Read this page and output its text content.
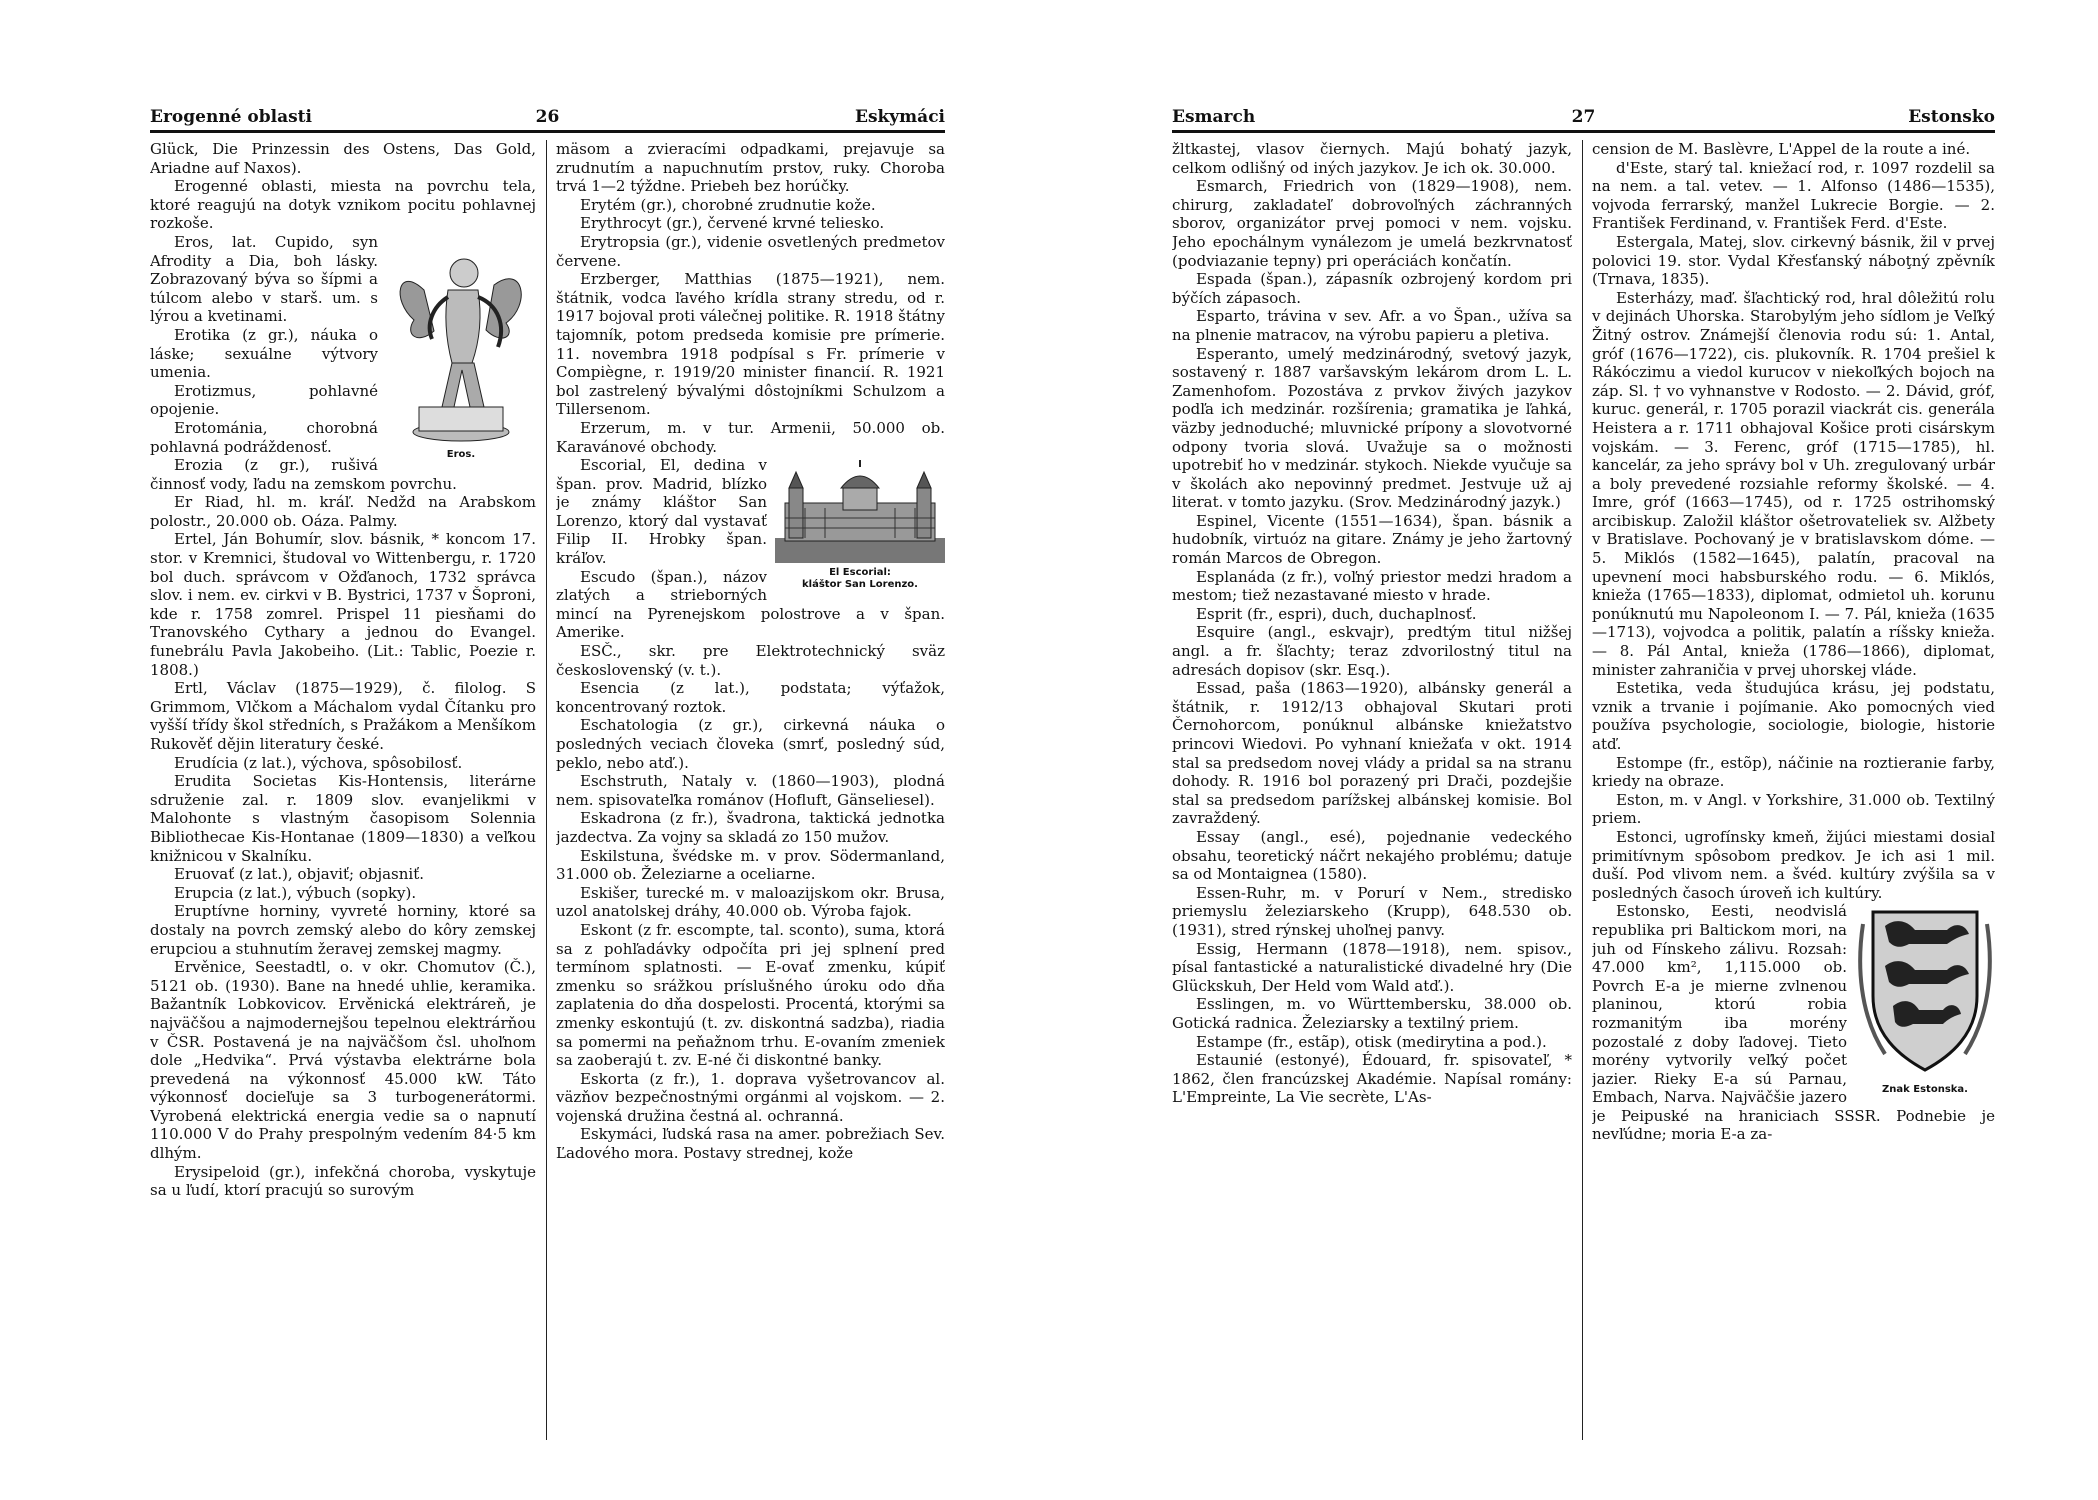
Erogenné oblasti	26	Eskymáci

Glück, Die Prinzessin des Ostens, Das Gold, Ariadne auf Naxos).

Erogenné oblasti, miesta na povrchu tela, ktoré reagujú na dotyk vznikom pocitu pohlavnej rozkoše.

Eros.

Eros, lat. Cupido, syn Afrodity a Dia, boh lásky. Zobrazovaný býva so šípmi a túlcom alebo v starš. um. s lýrou a kvetinami.

Erotika (z gr.), náuka o láske; sexuálne výtvory umenia.

Erotizmus, pohlavné opojenie.

Erotománia, chorobná pohlavná podráždenosť.

Erozia (z gr.), rušivá činnosť vody, ľadu na zemskom povrchu.

Er Riad, hl. m. kráľ. Nedžd na Arabskom polostr., 20.000 ob. Oáza. Palmy.

Ertel, Ján Bohumír, slov. básnik, * koncom 17. stor. v Kremnici, študoval vo Wittenbergu, r. 1720 bol duch. správcom v Ožďanoch, 1732 správca slov. i nem. ev. cirkvi v B. Bystrici, 1737 v Šoproni, kde r. 1758 zomrel. Prispel 11 piesňami do Tranovského Cythary a jednou do Evangel. funebrálu Pavla Jakobeiho. (Lit.: Tablic, Poezie r. 1808.)

Ertl, Václav (1875—1929), č. filolog. S Grimmom, Vlčkom a Máchalom vydal Čítanku pro vyšší třídy škol středních, s Pražákom a Menšíkom Rukověť dějin literatury české.

Erudícia (z lat.), výchova, spôsobilosť.

Erudita Societas Kis-Hontensis, literárne sdruženie zal. r. 1809 slov. evanjelikmi v Malohonte s vlastným časopisom Solennia Bibliothecae Kis-Hontanae (1809—1830) a veľkou knižnicou v Skalníku.

Eruovať (z lat.), objaviť; objasniť.

Erupcia (z lat.), výbuch (sopky).

Eruptívne horniny, vyvreté horniny, ktoré sa dostaly na povrch zemský alebo do kôry zemskej erupciou a stuhnutím žeravej zemskej magmy.

Ervěnice, Seestadtl, o. v okr. Chomutov (Č.), 5121 ob. (1930). Bane na hnedé uhlie, keramika. Bažantník Lobkovicov. Ervěnická elektráreň, je najväčšou a najmodernejšou tepelnou elektrárňou v ČSR. Postavená je na najväčšom čsl. uhoľnom dole „Hedvika“. Prvá výstavba elektrárne bola prevedená na výkonnosť 45.000 kW. Táto výkonnosť docieľuje sa 3 turbogenerátormi. Vyrobená elektrická energia vedie sa o napnutí 110.000 V do Prahy prespolným vedením 84·5 km dlhým.

Erysipeloid (gr.), infekčná choroba, vyskytuje sa u ľudí, ktorí pracujú so surovým

mäsom a zvieracími odpadkami, prejavuje sa zrudnutím a napuchnutím prstov, ruky. Choroba trvá 1—2 týždne. Priebeh bez horúčky.

Erytém (gr.), chorobné zrudnutie kože.

Erythrocyt (gr.), červené krvné teliesko.

Erytropsia (gr.), videnie osvetlených predmetov červene.

Erzberger, Matthias (1875—1921), nem. štátnik, vodca ľavého krídla strany stredu, od r. 1917 bojoval proti válečnej politike. R. 1918 štátny tajomník, potom predseda komisie pre prímerie. 11. novembra 1918 podpísal s Fr. prímerie v Compiègne, r. 1919/20 minister financií. R. 1921 bol zastrelený bývalými dôstojníkmi Schulzom a Tillersenom.

Erzerum, m. v tur. Armenii, 50.000 ob. Karavánové obchody.

El Escorial:
kláštor San Lorenzo.

Escorial, El, dedina v špan. prov. Madrid, blízko je známy kláštor San Lorenzo, ktorý dal vystavať Filip II. Hrobky špan. kráľov.

Escudo (špan.), názov zlatých a strieborných mincí na Pyrenejskom polostrove a v špan. Amerike.

ESČ., skr. pre Elektrotechnický sväz československý (v. t.).

Esencia (z lat.), podstata; výťažok, koncentrovaný roztok.

Eschatologia (z gr.), cirkevná náuka o posledných veciach človeka (smrť, posledný súd, peklo, nebo atď.).

Eschstruth, Nataly v. (1860—1903), plodná nem. spisovateľka románov (Hofluft, Gänseliesel).

Eskadrona (z fr.), švadrona, taktická jednotka jazdectva. Za vojny sa skladá zo 150 mužov.

Eskilstuna, švédske m. v prov. Södermanland, 31.000 ob. Železiarne a oceliarne.

Eskišer, turecké m. v maloazijskom okr. Brusa, uzol anatolskej dráhy, 40.000 ob. Výroba fajok.

Eskont (z fr. escompte, tal. sconto), suma, ktorá sa z pohľadávky odpočíta pri jej splnení pred termínom splatnosti. — E-ovať zmenku, kúpiť zmenku so srážkou príslušného úroku odo dňa zaplatenia do dňa dospelosti. Procentá, ktorými sa zmenky eskontujú (t. zv. diskontná sadzba), riadia sa pomermi na peňažnom trhu. E-ovaním zmeniek sa zaoberajú t. zv. E-né či diskontné banky.

Eskorta (z fr.), 1. doprava vyšetrovancov al. väzňov bezpečnostnými orgánmi al vojskom. — 2. vojenská družina čestná al. ochranná.

Eskymáci, ľudská rasa na amer. pobrežiach Sev. Ľadového mora. Postavy strednej, kože

Esmarch	27	Estonsko

žltkastej, vlasov čiernych. Majú bohatý jazyk, celkom odlišný od iných jazykov. Je ich ok. 30.000.

Esmarch, Friedrich von (1829—1908), nem. chirurg, zakladateľ dobrovoľných záchranných sborov, organizátor prvej pomoci v nem. vojsku. Jeho epochálnym vynálezom je umelá bezkrvnatosť (podviazanie tepny) pri operáciách končatín.

Espada (špan.), zápasník ozbrojený kordom pri býčích zápasoch.

Esparto, trávina v sev. Afr. a vo Špan., užíva sa na plnenie matracov, na výrobu papieru a pletiva.

Esperanto, umelý medzinárodný, svetový jazyk, sostavený r. 1887 varšavským lekárom drom L. L. Zamenhofom. Pozostáva z prvkov živých jazykov podľa ich medzinár. rozšírenia; gramatika je ľahká, väzby jednoduché; mluvnické prípony a slovotvorné odpony tvoria slová. Uvažuje sa o možnosti upotrebiť ho v medzinár. stykoch. Niekde vyučuje sa v školách ako nepovinný predmet. Jestvuje už aj literat. v tomto jazyku. (Srov. Medzinárodný jazyk.)

Espinel, Vicente (1551—1634), špan. básnik a hudobník, virtuóz na gitare. Známy je jeho žartovný román Marcos de Obregon.

Esplanáda (z fr.), voľný priestor medzi hradom a mestom; tiež nezastavané miesto v hrade.

Esprit (fr., espri), duch, duchaplnosť.

Esquire (angl., eskvajr), predtým titul nižšej angl. a fr. šľachty; teraz zdvorilostný titul na adresách dopisov (skr. Esq.).

Essad, paša (1863—1920), albánsky generál a štátnik, r. 1912/13 obhajoval Skutari proti Černohorcom, ponúknul albánske kniežatstvo princovi Wiedovi. Po vyhnaní kniežaťa v okt. 1914 stal sa predsedom novej vlády a pridal sa na stranu dohody. R. 1916 bol porazený pri Drači, pozdejšie stal sa predsedom parížskej albánskej komisie. Bol zavraždený.

Essay (angl., esé), pojednanie vedeckého obsahu, teoretický náčrt nekajého problému; datuje sa od Montaignea (1580).

Essen-Ruhr, m. v Porurí v Nem., stredisko priemyslu železiarskeho (Krupp), 648.530 ob. (1931), stred rýnskej uhoľnej panvy.

Essig, Hermann (1878—1918), nem. spisov., písal fantastické a naturalistické divadelné hry (Die Glückskuh, Der Held vom Wald atď.).

Esslingen, m. vo Württembersku, 38.000 ob. Gotická radnica. Železiarsky a textilný priem.

Estampe (fr., estãp), otisk (medirytina a pod.).

Estaunié (estonyé), Édouard, fr. spisovateľ, * 1862, člen francúzskej Akadémie. Napísal romány: L'Empreinte, La Vie secrète, L'As-

cension de M. Baslèvre, L'Appel de la route a iné.

d'Este, starý tal. kniežací rod, r. 1097 rozdelil sa na nem. a tal. vetev. — 1. Alfonso (1486—1535), vojvoda ferrarský, manžel Lukrecie Borgie. — 2. František Ferdinand, v. František Ferd. d'Este.

Estergala, Matej, slov. cirkevný básnik, žil v prvej polovici 19. stor. Vydal Křesťanský náboţný zpěvník (Trnava, 1835).

Esterházy, maď. šľachtický rod, hral dôležitú rolu v dejinách Uhorska. Starobylým jeho sídlom je Veľký Žitný ostrov. Známejší členovia rodu sú: 1. Antal, gróf (1676—1722), cis. plukovník. R. 1704 prešiel k Rákóczimu a viedol kurucov v niekoľkých bojoch na záp. Sl. † vo vyhnanstve v Rodosto. — 2. Dávid, gróf, kuruc. generál, r. 1705 porazil viackrát cis. generála Heistera a r. 1711 obhajoval Košice proti cisárskym vojskám. — 3. Ferenc, gróf (1715—1785), hl. kancelár, za jeho správy bol v Uh. zregulovaný urbár a boly prevedené rozsiahle reformy školské. — 4. Imre, gróf (1663—1745), od r. 1725 ostrihomský arcibiskup. Založil kláštor ošetrovateliek sv. Alžbety v Bratislave. Pochovaný je v bratislavskom dóme. — 5. Miklós (1582—1645), palatín, pracoval na upevnení moci habsburského rodu. — 6. Miklós, knieža (1765—1833), diplomat, odmietol uh. korunu ponúknutú mu Napoleonom I. — 7. Pál, knieža (1635—1713), vojvodca a politik, palatín a ríšsky knieža. — 8. Pál Antal, knieža (1786—1866), diplomat, minister zahraničia v prvej uhorskej vláde.

Estetika, veda študujúca krásu, jej podstatu, vznik a trvanie i pojímanie. Ako pomocných vied používa psychologie, sociologie, biologie, historie atď.

Estompe (fr., estõp), náčinie na roztieranie farby, kriedy na obraze.

Eston, m. v Angl. v Yorkshire, 31.000 ob. Textilný priem.

Estonci, ugrofínsky kmeň, žijúci miestami dosiaľ primitívnym spôsobom predkov. Je ich asi 1 mil. duší. Pod vlivom nem. a švéd. kultúry zvýšila sa v posledných časoch úroveň ich kultúry.

Znak Estonska.

Estonsko, Eesti, neodvislá republika pri Baltickom mori, na juh od Fínskeho zálivu. Rozsah: 47.000 km², 1,115.000 ob. Povrch E-a je mierne zvlnenou planinou, ktorú robia rozmanitým iba morény pozostalé z doby ľadovej. Tieto morény vytvorily veľký počet jazier. Riekу E-a sú Parnau, Embach, Narva. Najväčšie jazero je Peipuské na hraniciach SSSR. Podnebie je nevľúdne; moria E-a za-
